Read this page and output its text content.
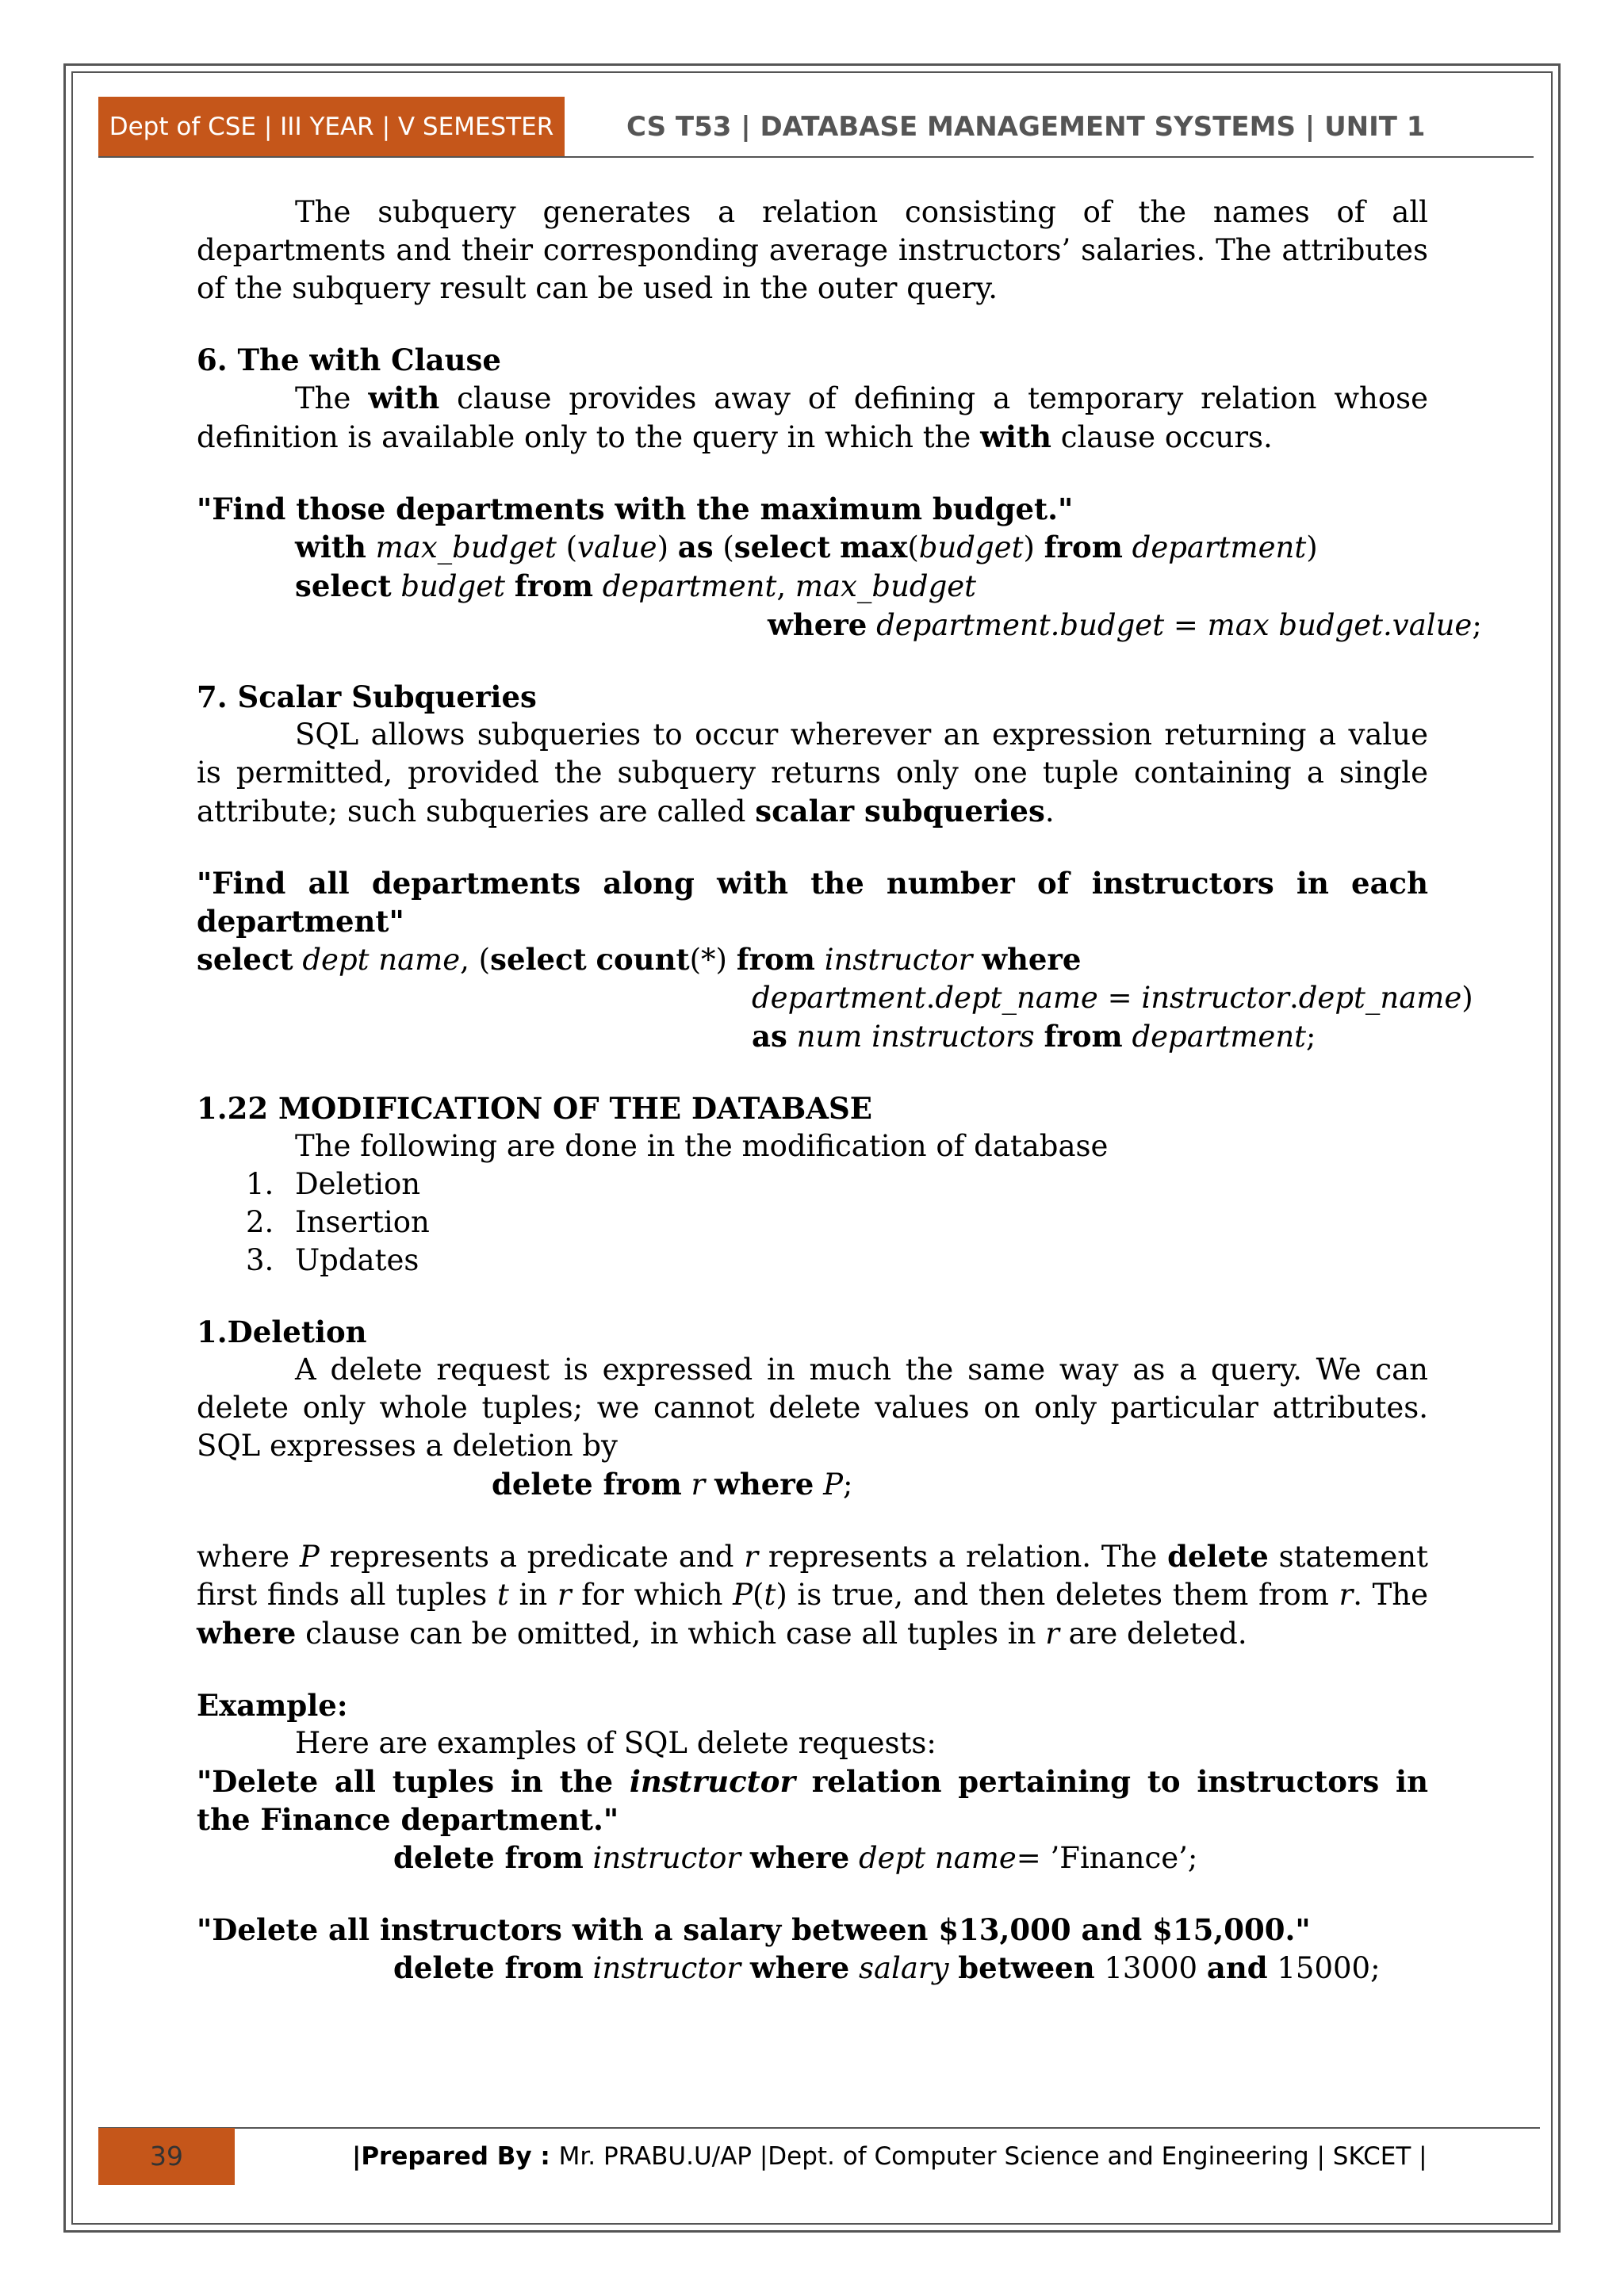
Dept of CSE | III YEAR | V SEMESTER	CS T53 | DATABASE MANAGEMENT SYSTEMS | UNIT 1

The subquery generates a relation consisting of the names of all departments and their corresponding average instructors’ salaries. The attributes of the subquery result can be used in the outer query.

6. The with Clause

The with clause provides away of defining a temporary relation whose definition is available only to the query in which the with clause occurs.

"Find those departments with the maximum budget."

with max_budget (value) as (select max(budget) from department)

select budget from department, max_budget

where department.budget = max budget.value;

7. Scalar Subqueries

SQL allows subqueries to occur wherever an expression returning a value is permitted, provided the subquery returns only one tuple containing a single attribute; such subqueries are called scalar subqueries.

"Find all departments along with the number of instructors in each department"

select dept name, (select count(*) from instructor where

department.dept_name = instructor.dept_name)

as num instructors from department;

1.22 MODIFICATION OF THE DATABASE

The following are done in the modification of database

1. Deletion
2. Insertion
3. Updates

1.Deletion

A delete request is expressed in much the same way as a query. We can delete only whole tuples; we cannot delete values on only particular attributes. SQL expresses a deletion by

delete from r where P;

where P represents a predicate and r represents a relation. The delete statement first finds all tuples t in r for which P(t) is true, and then deletes them from r. The where clause can be omitted, in which case all tuples in r are deleted.

Example:

Here are examples of SQL delete requests:

"Delete all tuples in the instructor relation pertaining to instructors in the Finance department."

delete from instructor where dept name= ’Finance’;

"Delete all instructors with a salary between $13,000 and $15,000."

delete from instructor where salary between 13000 and 15000;

39	|Prepared By : Mr. PRABU.U/AP |Dept. of Computer Science and Engineering | SKCET |
